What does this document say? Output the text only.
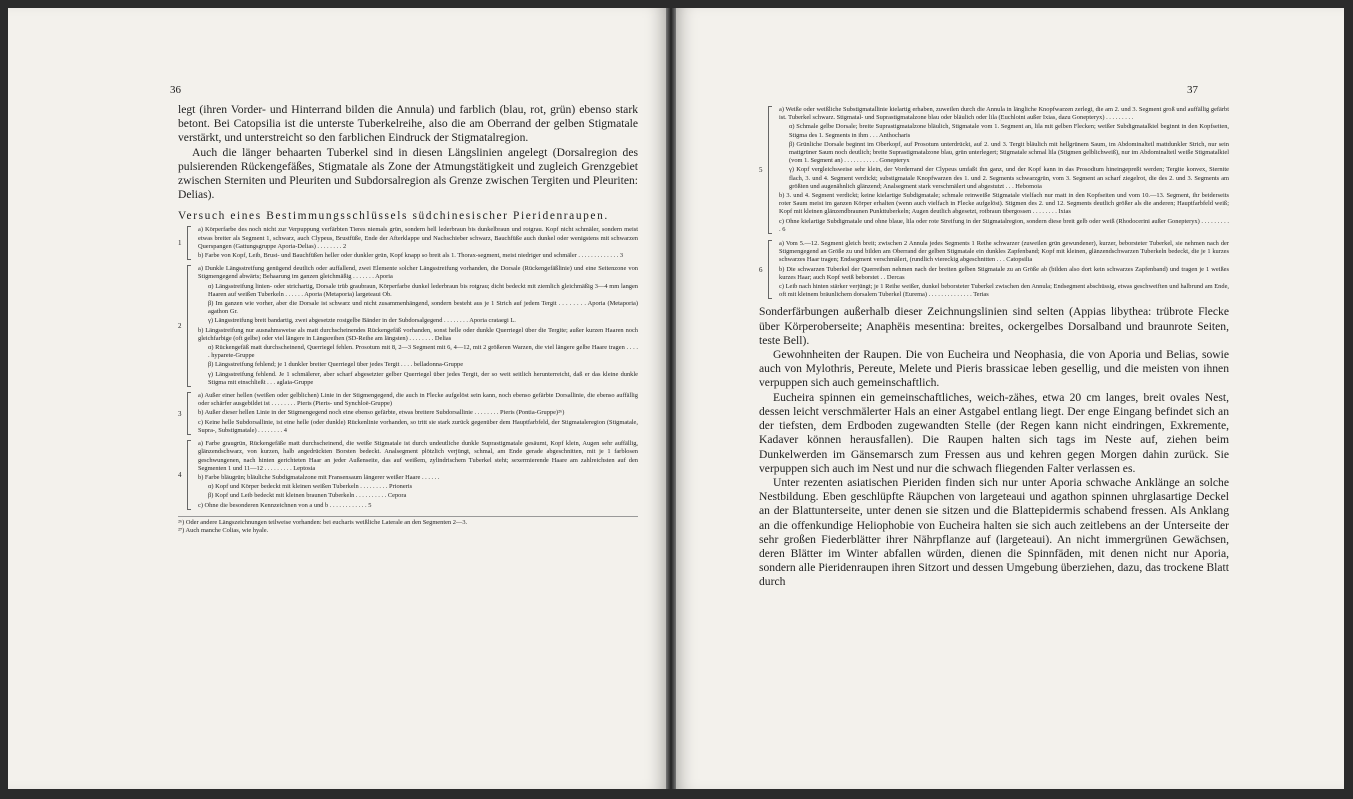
36

legt (ihren Vorder- und Hinterrand bilden die Annula) und farblich (blau, rot, grün) ebenso stark betont. Bei Catopsilia ist die unterste Tuberkelreihe, also die am Oberrand der gelben Stigmatale verstärkt, und unterstreicht so den farblichen Eindruck der Stigmatalregion.

Auch die länger behaarten Tuberkel sind in diesen Längslinien angelegt (Dorsalregion des pulsierenden Rückengefäßes, Stigmatale als Zone der Atmungstätigkeit und zugleich Grenzgebiet zwischen Sterniten und Pleuriten und Subdorsalregion als Grenze zwischen Tergiten und Pleuriten: Delias).

Versuch eines Bestimmungsschlüssels südchinesischer Pieridenraupen.
1

a) Körperfarbe des noch nicht zur Verpuppung verfärbten Tieres niemals grün, sondern hell lederbraun bis dunkelbraun und rotgrau. Kopf nicht schmäler, sondern meist etwas breiter als Segment 1, schwarz, auch Clypeus, Brustfüße, Ende der Afterklappe und Nachschieber schwarz, Bauchfüße auch dunkel oder wenigstens mit schwarzen Querspangen (Gattungsgruppe Aporia-Delias) . . . . . . . . 2

b) Farbe von Kopf, Leib, Brust- und Bauchfüßen heller oder dunkler grün, Kopf knapp so breit als 1. Thorax-segment, meist niedriger und schmäler . . . . . . . . . . . . . 3

2

a) Dunkle Längsstreifung genügend deutlich oder auffallend, zwei Elemente solcher Längsstreifung vorhanden, die Dorsale (Rückengefäßlinie) und eine Seitenzone von Stigmengegend abwärts; Behaarung im ganzen gleichmäßig . . . . . . . Aporia

α) Längsstreifung linien- oder strichartig, Dorsale trüb graubraun, Körperfarbe dunkel lederbraun bis rotgrau; dicht bedeckt mit ziemlich gleichmäßig 3—4 mm langen Haaren auf weißen Tuberkeln . . . . . . Aporia (Metaporia) largeteaui Ob.

β) Im ganzen wie vorher, aber die Dorsale ist schwarz und nicht zusammenhängend, sondern besteht aus je 1 Strich auf jedem Tergit . . . . . . . . Aporia (Metaporia) agathon Gr.

γ) Längsstreifung breit bandartig, zwei abgesetzte rostgelbe Bänder in der Subdorsalgegend . . . . . . . . Aporia crataegi L.

b) Längsstreifung nur ausnahmsweise als matt durchscheinendes Rückengefäß vorhanden, sonst helle oder dunkle Querriegel über die Tergite; außer kurzen Haaren noch gleichfarbige (oft gelbe) oder viel längere in Längsreihen (SD-Reihe am längsten) . . . . . . . . Delias

α) Rückengefäß matt durchscheinend, Querriegel fehlen. Prosotum mit 8, 2—3 Segment mit 6, 4—12, mit 2 größeren Warzen, die viel längere gelbe Haare tragen . . . . . hyparete-Gruppe

β) Längsstreifung fehlend; je 1 dunkler breiter Querriegel über jedes Tergit . . . . belladonna-Gruppe

γ) Längsstreifung fehlend. Je 1 schmälerer, aber scharf abgesetzter gelber Querriegel über jedes Tergit, der so weit seitlich herunterreicht, daß er das kleine dunkle Stigma mit einschließt . . . aglaia-Gruppe

3

a) Außer einer hellen (weißen oder gelblichen) Linie in der Stigmengegend, die auch in Flecke aufgelöst sein kann, noch ebenso gefärbte Dorsallinie, die ebenso auffällig oder schärfer ausgebildet ist . . . . . . . . Pieris (Pieris- und Synchloë-Gruppe)

b) Außer dieser hellen Linie in der Stigmengegend noch eine ebenso gefärbte, etwas breitere Subdorsallinie . . . . . . . . Pieris (Pontia-Gruppe)²⁶)

c) Keine helle Subdorsallinie, ist eine helle (oder dunkle) Rückenlinie vorhanden, so tritt sie stark zurück gegenüber dem Hauptfarbfeld, der Stigmataleregion (Stigmatale, Supra-, Substigmatale) . . . . . . . . 4

4

a) Farbe graugrün, Rückengefäße matt durchscheinend, die weiße Stigmatale ist durch undeutliche dunkle Suprastigmatale gesäumt, Kopf klein, Augen sehr auffällig, glänzendschwarz, von kurzen, halb angedrückten Borsten bedeckt. Analsegment plötzlich verjüngt, schmal, am Ende gerade abgeschnitten, mit je 1 farblosen geschwungenen, nach hinten gerichteten Haar an jeder Außenseite, das auf weißem, zylindrischem Tuberkel steht; sexermierende Haare am zahlreichsten auf den Segmenten 1 und 11—12 . . . . . . . . . Leptosia

b) Farbe bläugrün; bläuliche Subdigmatalzone mit Fransensaum längerer weißer Haare . . . . . .

α) Kopf und Körper bedeckt mit kleinen weißen Tuberkeln . . . . . . . . . Prioneris

β) Kopf und Leib bedeckt mit kleinen braunen Tuberkeln . . . . . . . . . . Cepora

c) Ohne die besonderen Kennzeichnen von a und b . . . . . . . . . . . . 5

²⁶) Oder andere Längszeichnungen teilweise vorhanden: bei eucharis weißliche Lateralе an den Segmenten 2—3.
²⁷) Auch manche Colias, wie hyale.
37
5

a) Weiße oder weißliche Substigmatallinie kielartig erhaben, zuweilen durch die Annula in längliche Knopfwarzen zerlegt, die am 2. und 3. Segment groß und auffällig gefärbt ist. Tuberkel schwarz. Stigmatal- und Suprastigmatalzone blau oder bläulich oder lila (Euchloini außer Ixias, dazu Gonepteryx) . . . . . . . . .

α) Schmale gelbe Dorsale; breite Suprastigmatalzone bläulich, Stigmatale vom 1. Segment an, lila mit gelben Flecken; weißer Subdigmatalkiel beginnt in den Kopfseiten, Stigma des 1. Segments in ihm . . . Anthocharis

β) Grünliche Dorsale beginnt im Oberkopf, auf Prosotum unterdrückt, auf 2. und 3. Tergit bläulich mit hellgrünem Saum, im Abdominalteil mattdunkler Strich, nur sein mattgrüner Saum noch deutlich; breite Suprastigmatalzone blau, grün unterlegert; Stigmatale schmal lila (Stigmen gelblichweiß), nur im Abdominalteil weiße Stigmatalkiel (vom 1. Segment an) . . . . . . . . . . . Gonepteryx

γ) Kopf vergleichsweise sehr klein, der Vorderrand der Clypeus umfaßt ihn ganz, und der Kopf kann in das Prosodium hineingepreßt werden; Tergite konvex, Sternite flach, 3. und 4. Segment verdickt; substigmatale Knopfwarzen des 1. und 2. Segments schwarzgrün, vom 3. Segment an scharf ziegelrot, die des 2. und 3. Segments am größten und augenähnlich glänzend; Analsegment stark verschmälert und abgestutzt . . . Hebomoia

b) 3. und 4. Segment verdickt; keine kielartige Subdigmatale; schmale reinweiße Stigmatale vielfach nur matt in den Kopfseiten und vom 10.—13. Segment, ihr beiderseits roter Saum meist im ganzen Körper erhalten (wenn auch vielfach in Flecke aufgelöst). Stigmen des 2. und 12. Segments deutlich größer als die anderen; Hauptfarbfeld weiß; Kopf mit kleinen glänzendbraunen Punkttuberkeln; Augen deutlich abgesetzt, rotbraun übergossen . . . . . . . . Ixias

c) Ohne kielartige Subdigmatale und ohne blaue, lila oder rote Streifung in der Stigmatalregion, sondern diese breit gelb oder weiß (Rhodocerini außer Gonepteryx) . . . . . . . . . . 6

6

a) Vom 5.—12. Segment gleich breit; zwischen 2 Annula jedes Segments 1 Reihe schwarzer (zuweilen grün gewundener), kurzer, beborsteter Tuberkel, sie nehmen nach der Stigmengegend an Größe zu und bilden am Oberrand der gelben Stigmatale ein dunkles Zapfenband; Kopf mit kleinen, glänzendschwarzen Tuberkeln bedeckt, die je 1 kurzes schwarzes Haar tragen; Endsegment verschmälert, (rundlich viereckig abgeschnitten . . . Catopsilia

b) Die schwarzen Tuberkel der Querreihen nehmen nach der breiten gelben Stigmatale zu an Größe ab (bilden also dort kein schwarzes Zapfenband) und tragen je 1 weißes kurzes Haar; auch Kopf weiß beborstet . . Dercas

c) Leib nach hinten stärker verjüngt; je 1 Reihe weißer, dunkel beborsteter Tuberkel zwischen den Annula; Endsegment abschüssig, etwas geschweiften und halbrund am Ende, oft mit kleinem bräunlichem dorsalem Tuberkel (Eurema) . . . . . . . . . . . . . . Terias

Sonderfärbungen außerhalb dieser Zeichnungslinien sind selten (Appias libythea: trübrote Flecke über Körperoberseite; Anaphëis mesentina: breites, ockergelbes Dorsalband und braunrote Seiten, teste Bell).

Gewohnheiten der Raupen. Die von Eucheira und Neophasia, die von Aporia und Belias, sowie auch von Mylothris, Pereute, Melete und Pieris brassicae leben gesellig, und die meisten von ihnen verpuppen sich auch gemeinschaftlich.

Eucheira spinnen ein gemeinschaftliches, weich-zähes, etwa 20 cm langes, breit ovales Nest, dessen leicht verschmälerter Hals an einer Astgabel entlang liegt. Der enge Eingang befindet sich an der tiefsten, dem Erdboden zugewandten Stelle (der Regen kann nicht eindringen, Exkremente, Kadaver können herausfallen). Die Raupen halten sich tags im Neste auf, ziehen beim Dunkelwerden im Gänsemarsch zum Fressen aus und kehren gegen Morgen dahin zurück. Sie verpuppen sich auch im Nest und nur die schwach fliegenden Falter verlassen es.

Unter rezenten asiatischen Pieriden finden sich nur unter Aporia schwache Anklänge an solche Nestbildung. Eben geschlüpfte Räupchen von largeteaui und agathon spinnen uhrglasartige Deckel an der Blattunterseite, unter denen sie sitzen und die Blattepidermis schabend fressen. Als Anklang an die offenkundige Heliophobie von Eucheira halten sie sich auch zeitlebens an der Unterseite der sehr großen Fiederblätter ihrer Nährpflanze auf (largeteaui). An nicht immergrünen Gewächsen, deren Blätter im Winter abfallen würden, dienen die Spinnfäden, mit denen nicht nur Aporia, sondern alle Pieridenraupen ihren Sitzort und dessen Umgebung überziehen, dazu, das trockene Blatt durch
